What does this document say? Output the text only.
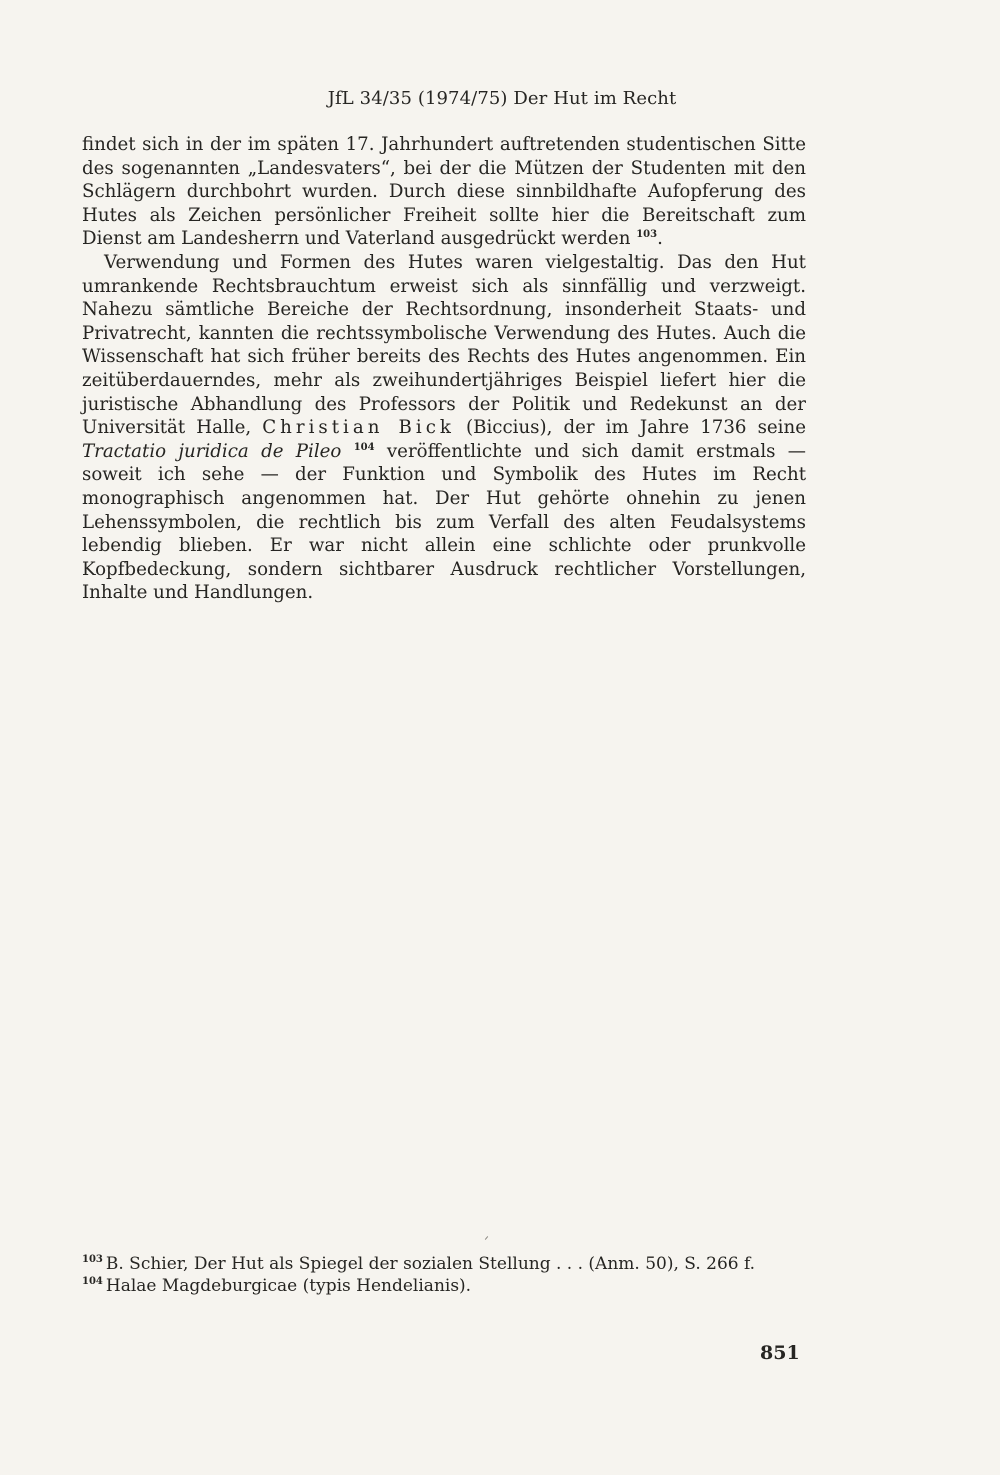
JfL 34/35 (1974/75) Der Hut im Recht

findet sich in der im späten 17. Jahrhundert auftretenden studentischen Sitte des sogenannten „Landesvaters“, bei der die Mützen der Studenten mit den Schlägern durchbohrt wurden. Durch diese sinnbildhafte Aufopferung des Hutes als Zeichen persönlicher Freiheit sollte hier die Bereitschaft zum Dienst am Landesherrn und Vaterland ausgedrückt werden $^{103}$.

Verwendung und Formen des Hutes waren vielgestaltig. Das den Hut umrankende Rechtsbrauchtum erweist sich als sinnfällig und verzweigt. Nahezu sämtliche Bereiche der Rechtsordnung, insonderheit Staats- und Privatrecht, kannten die rechtssymbolische Verwendung des Hutes. Auch die Wissenschaft hat sich früher bereits des Rechts des Hutes angenommen. Ein zeitüberdauerndes, mehr als zweihundertjähriges Beispiel liefert hier die juristische Abhandlung des Professors der Politik und Redekunst an der Universität Halle, Christian Bick (Biccius), der im Jahre 1736 seine Tractatio juridica de Pileo $^{104}$ veröffentlichte und sich damit erstmals — soweit ich sehe — der Funktion und Symbolik des Hutes im Recht monographisch angenommen hat. Der Hut gehörte ohnehin zu jenen Lehenssymbolen, die rechtlich bis zum Verfall des alten Feudalsystems lebendig blieben. Er war nicht allein eine schlichte oder prunkvolle Kopfbedeckung, sondern sichtbarer Ausdruck rechtlicher Vorstellungen, Inhalte und Handlungen.

$^{103}$ B. Schier, Der Hut als Spiegel der sozialen Stellung . . . (Anm. 50), S. 266 f.

$^{104}$ Halae Magdeburgicae (typis Hendelianis).

851
